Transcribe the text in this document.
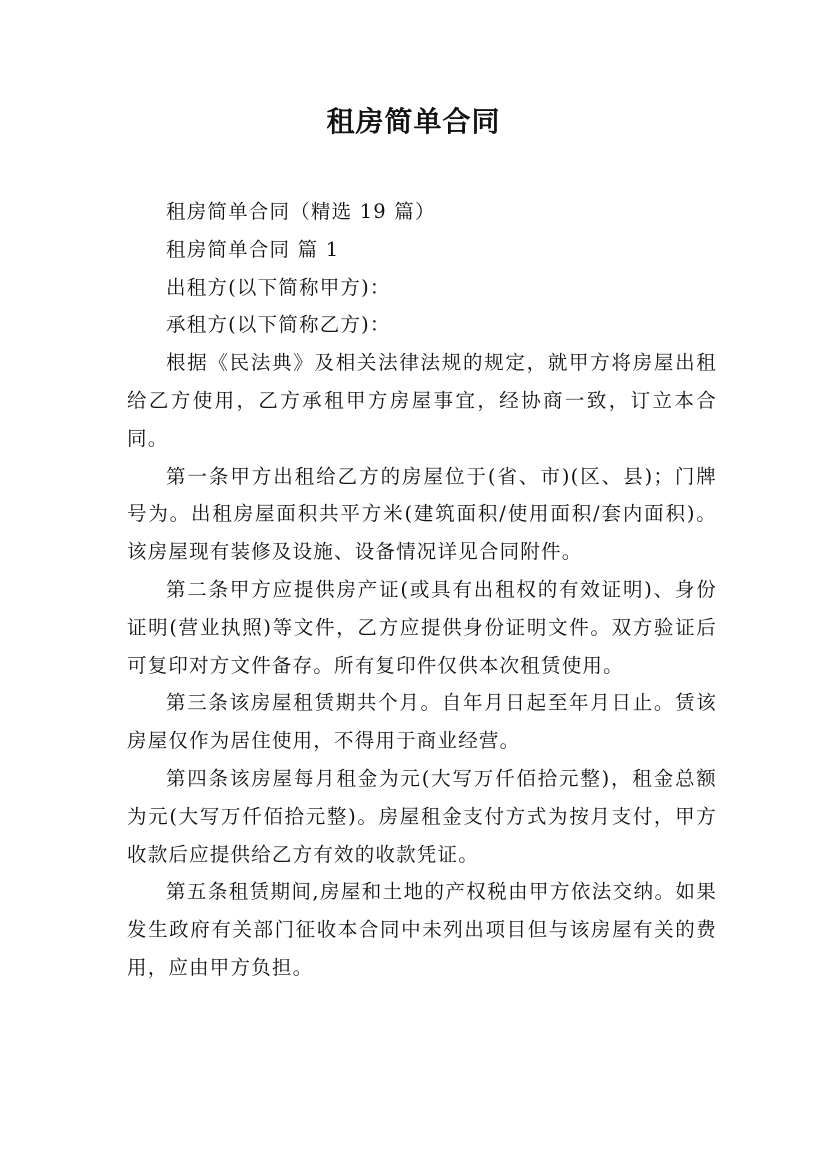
租房简单合同

租房简单合同（精选 19 篇）

租房简单合同 篇 1

出租方(以下简称甲方)：

承租方(以下简称乙方)：

根据《民法典》及相关法律法规的规定，就甲方将房屋出租给乙方使用，乙方承租甲方房屋事宜，经协商一致，订立本合同。

第一条甲方出租给乙方的房屋位于(省、市)(区、县)；门牌号为。出租房屋面积共平方米(建筑面积/使用面积/套内面积)。该房屋现有装修及设施、设备情况详见合同附件。

第二条甲方应提供房产证(或具有出租权的有效证明)、身份证明(营业执照)等文件，乙方应提供身份证明文件。双方验证后可复印对方文件备存。所有复印件仅供本次租赁使用。

第三条该房屋租赁期共个月。自年月日起至年月日止。赁该房屋仅作为居住使用，不得用于商业经营。

第四条该房屋每月租金为元(大写万仟佰拾元整)，租金总额为元(大写万仟佰拾元整)。房屋租金支付方式为按月支付，甲方收款后应提供给乙方有效的收款凭证。

第五条租赁期间,房屋和土地的产权税由甲方依法交纳。如果发生政府有关部门征收本合同中未列出项目但与该房屋有关的费用，应由甲方负担。
